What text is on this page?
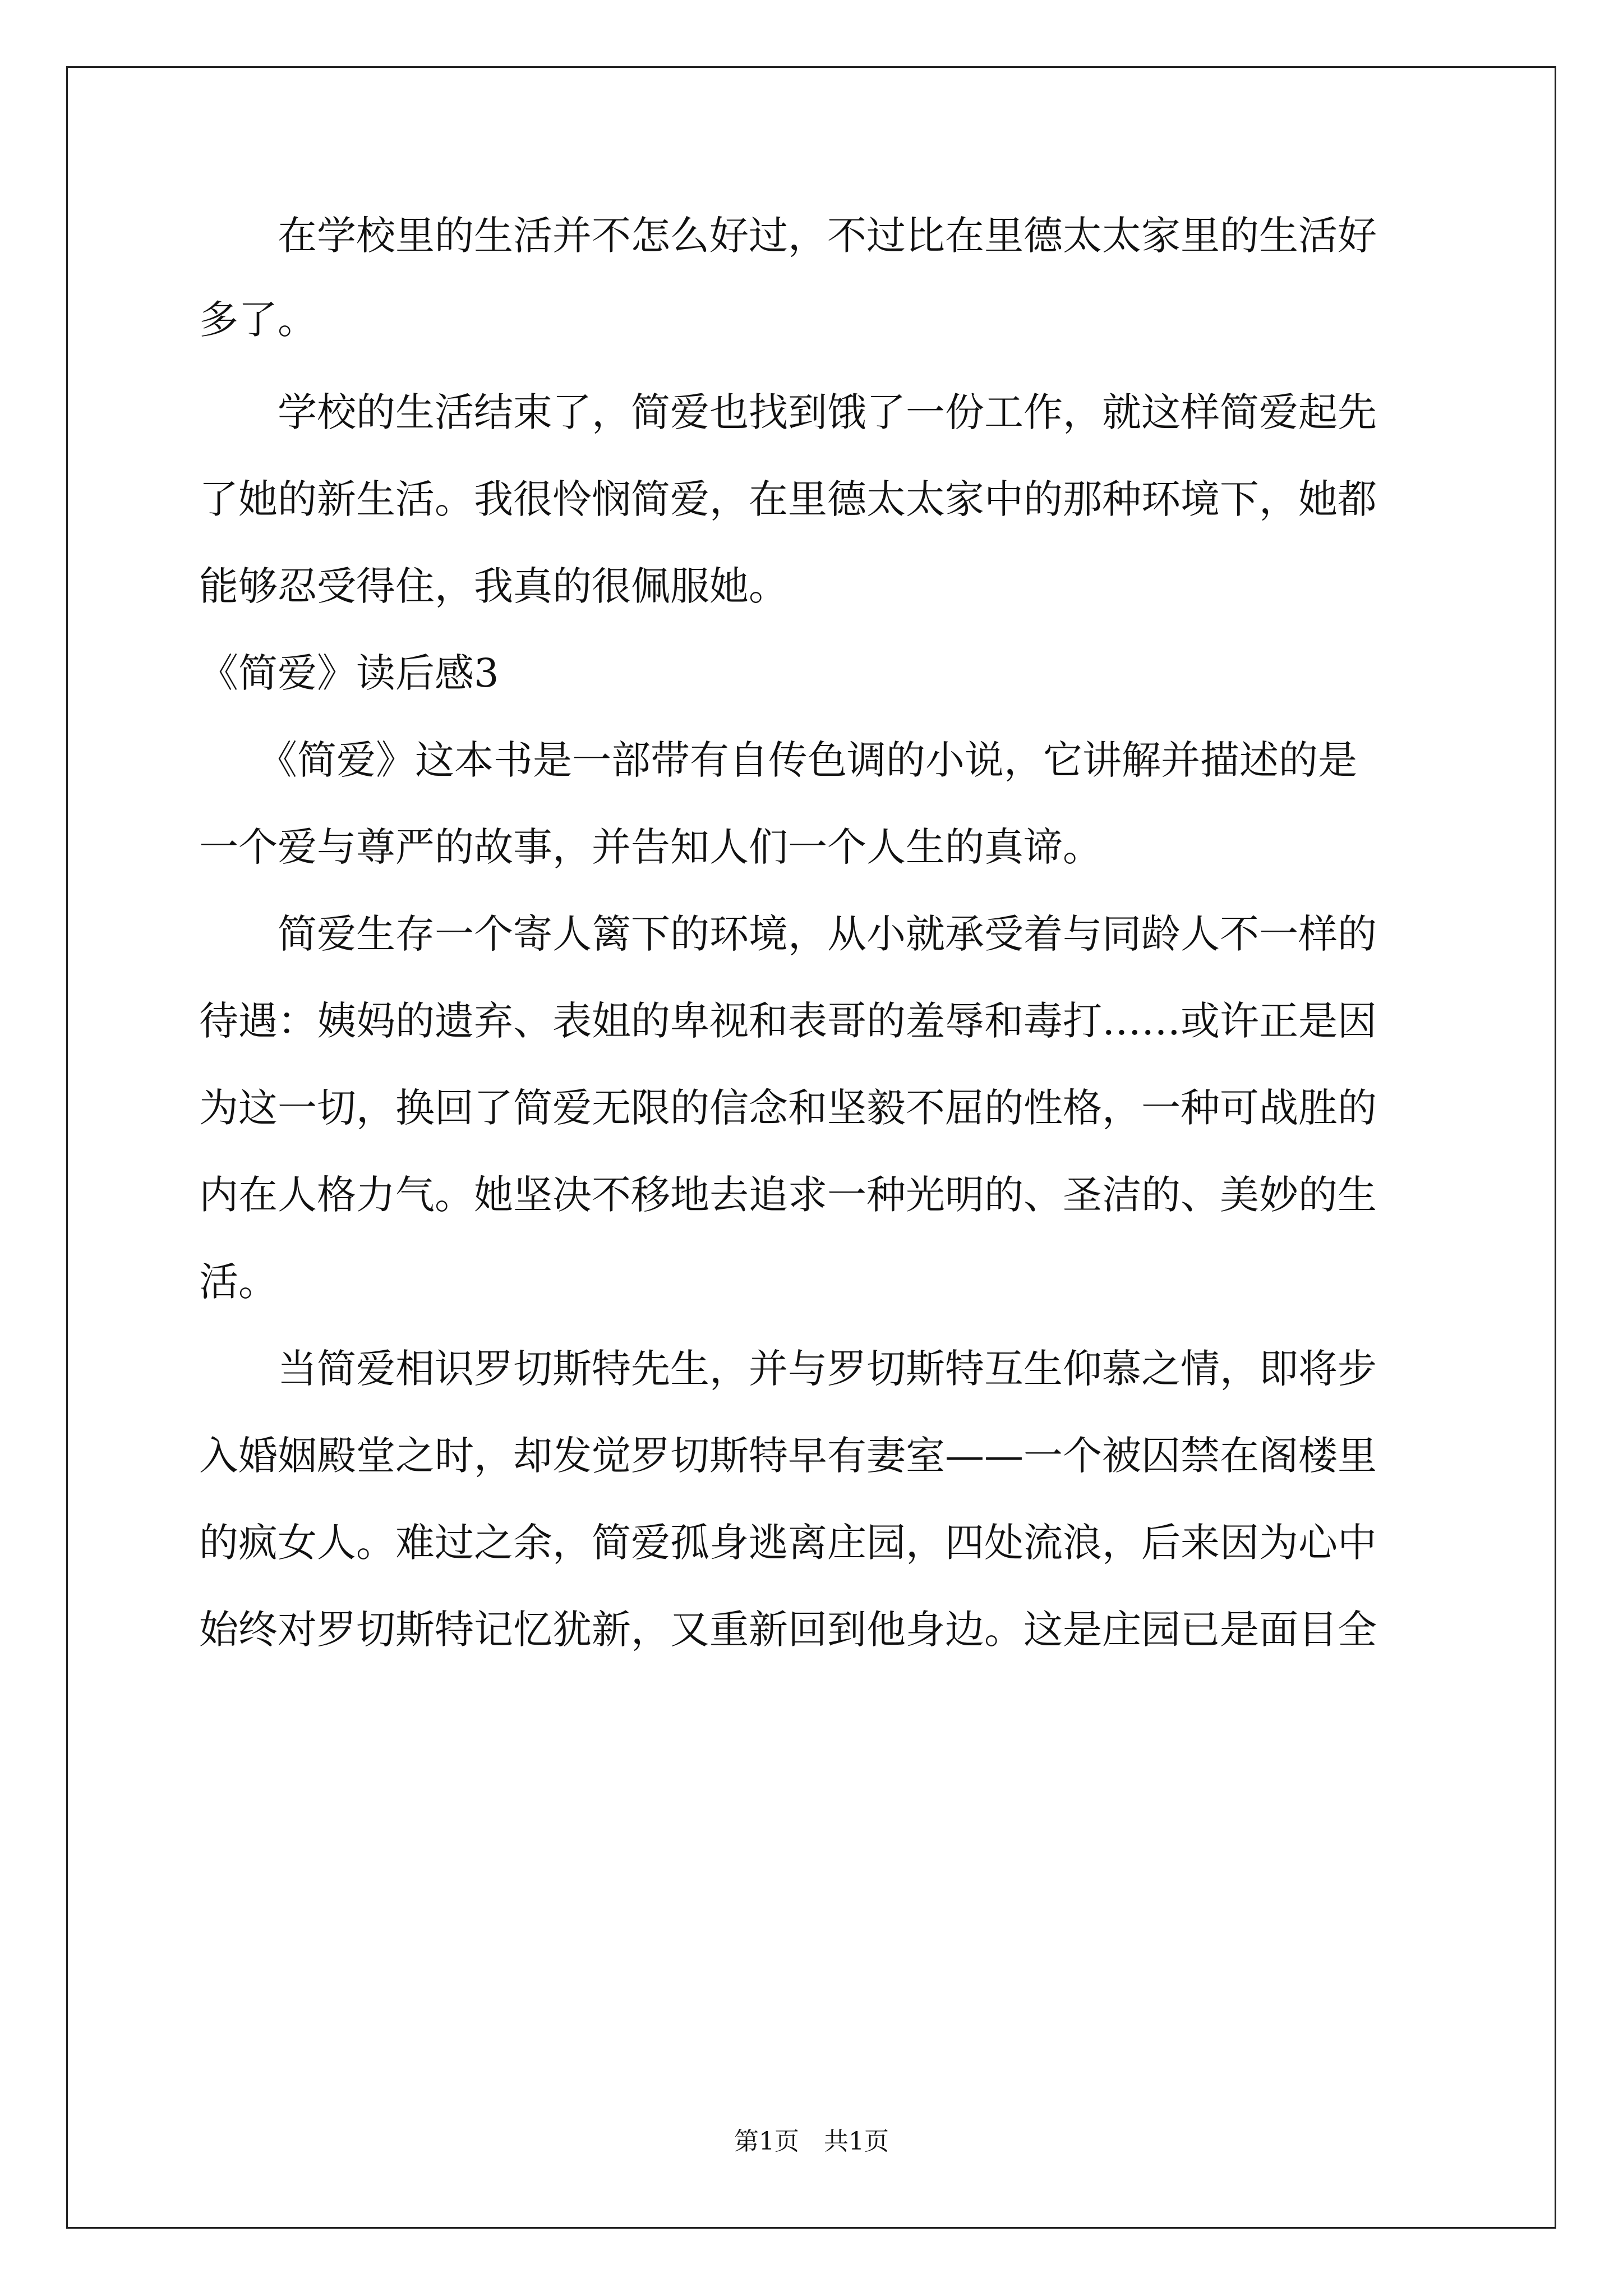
　　在学校里的生活并不怎么好过，不过比在里德太太家里的生活好
多了。
　　学校的生活结束了，简爱也找到饿了一份工作，就这样简爱起先
了她的新生活。我很怜悯简爱，在里德太太家中的那种环境下，她都
能够忍受得住，我真的很佩服她。
《简爱》读后感3
　　《简爱》这本书是一部带有自传色调的小说，它讲解并描述的是
一个爱与尊严的故事，并告知人们一个人生的真谛。
　　简爱生存一个寄人篱下的环境，从小就承受着与同龄人不一样的
待遇：姨妈的遗弃、表姐的卑视和表哥的羞辱和毒打……或许正是因
为这一切，换回了简爱无限的信念和坚毅不屈的性格，一种可战胜的
内在人格力气。她坚决不移地去追求一种光明的、圣洁的、美妙的生
活。
　　当简爱相识罗切斯特先生，并与罗切斯特互生仰慕之情，即将步
入婚姻殿堂之时，却发觉罗切斯特早有妻室——一个被囚禁在阁楼里
的疯女人。难过之余，简爱孤身逃离庄园，四处流浪，后来因为心中
始终对罗切斯特记忆犹新，又重新回到他身边。这是庄园已是面目全
第1页　共1页
